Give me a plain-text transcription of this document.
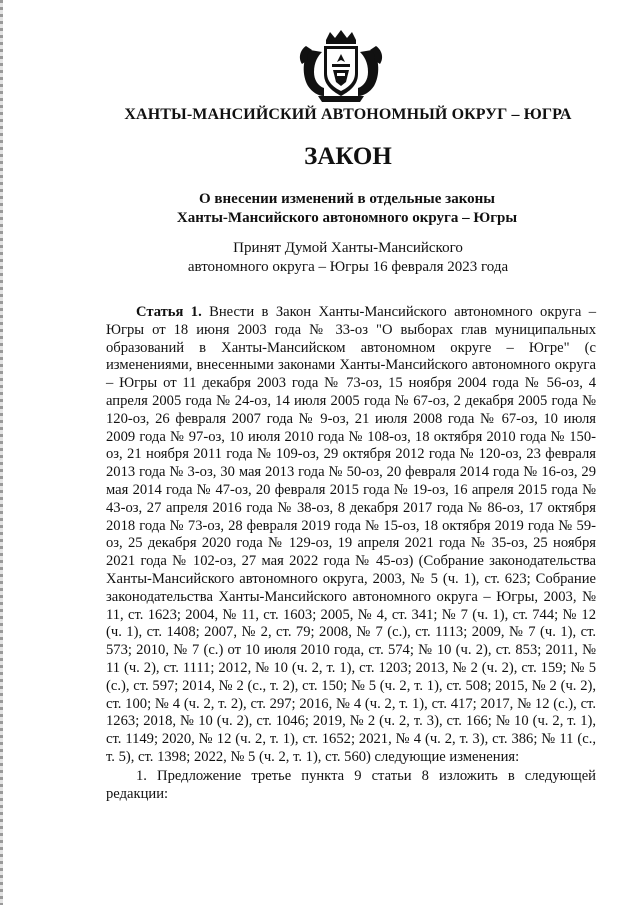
ХАНТЫ-МАНСИЙСКИЙ АВТОНОМНЫЙ ОКРУГ – ЮГРА
ЗАКОН
О внесении изменений в отдельные законы
Ханты-Мансийского автономного округа – Югры
Принят Думой Ханты-Мансийского
автономного округа – Югры 16 февраля 2023 года

Статья 1. Внести в Закон Ханты-Мансийского автономного округа – Югры от 18 июня 2003 года № 33-оз "О выборах глав муниципальных образований в Ханты-Мансийском автономном округе – Югре" (с изменениями, внесенными законами Ханты-Мансийского автономного округа – Югры от 11 декабря 2003 года № 73-оз, 15 ноября 2004 года № 56-оз, 4 апреля 2005 года № 24-оз, 14 июля 2005 года № 67-оз, 2 декабря 2005 года № 120-оз, 26 февраля 2007 года № 9-оз, 21 июля 2008 года № 67-оз, 10 июля 2009 года № 97-оз, 10 июля 2010 года № 108-оз, 18 октября 2010 года № 150-оз, 21 ноября 2011 года № 109-оз, 29 октября 2012 года № 120-оз, 23 февраля 2013 года № 3-оз, 30 мая 2013 года № 50-оз, 20 февраля 2014 года № 16-оз, 29 мая 2014 года № 47-оз, 20 февраля 2015 года № 19-оз, 16 апреля 2015 года № 43-оз, 27 апреля 2016 года № 38-оз, 8 декабря 2017 года № 86-оз, 17 октября 2018 года № 73-оз, 28 февраля 2019 года № 15-оз, 18 октября 2019 года № 59-оз, 25 декабря 2020 года № 129-оз, 19 апреля 2021 года № 35-оз, 25 ноября 2021 года № 102-оз, 27 мая 2022 года № 45-оз) (Собрание законодательства Ханты-Мансийского автономного округа, 2003, № 5 (ч. 1), ст. 623; Собрание законодательства Ханты-Мансийского автономного округа – Югры, 2003, № 11, ст. 1623; 2004, № 11, ст. 1603; 2005, № 4, ст. 341; № 7 (ч. 1), ст. 744; № 12 (ч. 1), ст. 1408; 2007, № 2, ст. 79; 2008, № 7 (с.), ст. 1113; 2009, № 7 (ч. 1), ст. 573; 2010, № 7 (с.) от 10 июля 2010 года, ст. 574; № 10 (ч. 2), ст. 853; 2011, № 11 (ч. 2), ст. 1111; 2012, № 10 (ч. 2, т. 1), ст. 1203; 2013, № 2 (ч. 2), ст. 159; № 5 (с.), ст. 597; 2014, № 2 (с., т. 2), ст. 150; № 5 (ч. 2, т. 1), ст. 508; 2015, № 2 (ч. 2), ст. 100; № 4 (ч. 2, т. 2), ст. 297; 2016, № 4 (ч. 2, т. 1), ст. 417; 2017, № 12 (с.), ст. 1263; 2018, № 10 (ч. 2), ст. 1046; 2019, № 2 (ч. 2, т. 3), ст. 166; № 10 (ч. 2, т. 1), ст. 1149; 2020, № 12 (ч. 2, т. 1), ст. 1652; 2021, № 4 (ч. 2, т. 3), ст. 386; № 11 (с., т. 5), ст. 1398; 2022, № 5 (ч. 2, т. 1), ст. 560) следующие изменения:

1. Предложение третье пункта 9 статьи 8 изложить в следующей редакции:
